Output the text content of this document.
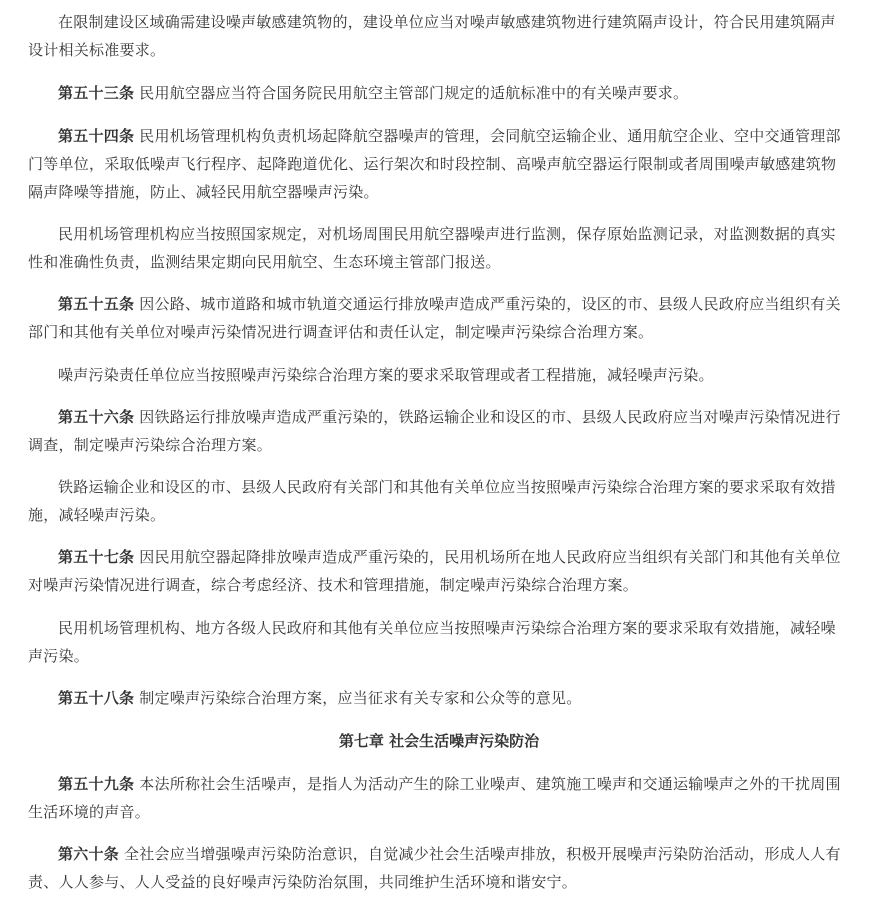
在限制建设区域确需建设噪声敏感建筑物的，建设单位应当对噪声敏感建筑物进行建筑隔声设计，符合民用建筑隔声设计相关标准要求。

第五十三条 民用航空器应当符合国务院民用航空主管部门规定的适航标准中的有关噪声要求。

第五十四条 民用机场管理机构负责机场起降航空器噪声的管理，会同航空运输企业、通用航空企业、空中交通管理部门等单位，采取低噪声飞行程序、起降跑道优化、运行架次和时段控制、高噪声航空器运行限制或者周围噪声敏感建筑物隔声降噪等措施，防止、减轻民用航空器噪声污染。

民用机场管理机构应当按照国家规定，对机场周围民用航空器噪声进行监测，保存原始监测记录，对监测数据的真实性和准确性负责，监测结果定期向民用航空、生态环境主管部门报送。

第五十五条 因公路、城市道路和城市轨道交通运行排放噪声造成严重污染的，设区的市、县级人民政府应当组织有关部门和其他有关单位对噪声污染情况进行调查评估和责任认定，制定噪声污染综合治理方案。

噪声污染责任单位应当按照噪声污染综合治理方案的要求采取管理或者工程措施，减轻噪声污染。

第五十六条 因铁路运行排放噪声造成严重污染的，铁路运输企业和设区的市、县级人民政府应当对噪声污染情况进行调查，制定噪声污染综合治理方案。

铁路运输企业和设区的市、县级人民政府有关部门和其他有关单位应当按照噪声污染综合治理方案的要求采取有效措施，减轻噪声污染。

第五十七条 因民用航空器起降排放噪声造成严重污染的，民用机场所在地人民政府应当组织有关部门和其他有关单位对噪声污染情况进行调查，综合考虑经济、技术和管理措施，制定噪声污染综合治理方案。

民用机场管理机构、地方各级人民政府和其他有关单位应当按照噪声污染综合治理方案的要求采取有效措施，减轻噪声污染。

第五十八条 制定噪声污染综合治理方案，应当征求有关专家和公众等的意见。

第七章 社会生活噪声污染防治

第五十九条 本法所称社会生活噪声，是指人为活动产生的除工业噪声、建筑施工噪声和交通运输噪声之外的干扰周围生活环境的声音。

第六十条 全社会应当增强噪声污染防治意识，自觉减少社会生活噪声排放，积极开展噪声污染防治活动，形成人人有责、人人参与、人人受益的良好噪声污染防治氛围，共同维护生活环境和谐安宁。
